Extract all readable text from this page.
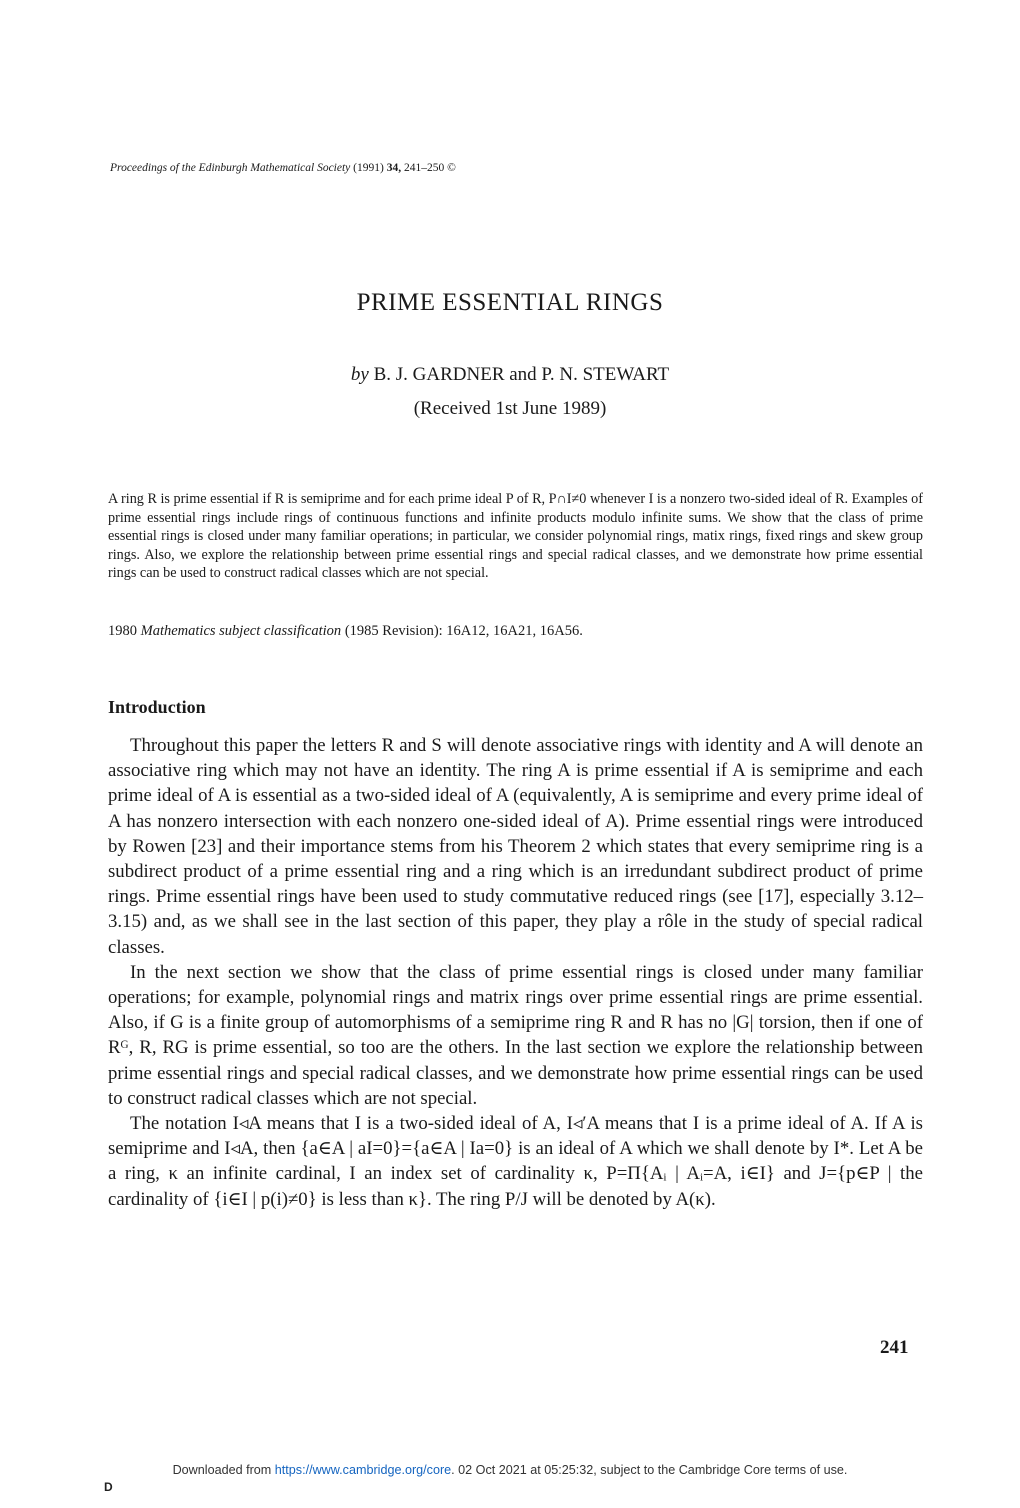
Proceedings of the Edinburgh Mathematical Society (1991) 34, 241–250 ©
PRIME ESSENTIAL RINGS
by B. J. GARDNER and P. N. STEWART
(Received 1st June 1989)
A ring R is prime essential if R is semiprime and for each prime ideal P of R, P∩I≠0 whenever I is a nonzero two-sided ideal of R. Examples of prime essential rings include rings of continuous functions and infinite products modulo infinite sums. We show that the class of prime essential rings is closed under many familiar operations; in particular, we consider polynomial rings, matix rings, fixed rings and skew group rings. Also, we explore the relationship between prime essential rings and special radical classes, and we demonstrate how prime essential rings can be used to construct radical classes which are not special.
1980 Mathematics subject classification (1985 Revision): 16A12, 16A21, 16A56.
Introduction

Throughout this paper the letters R and S will denote associative rings with identity and A will denote an associative ring which may not have an identity. The ring A is prime essential if A is semiprime and each prime ideal of A is essential as a two-sided ideal of A (equivalently, A is semiprime and every prime ideal of A has nonzero intersection with each nonzero one-sided ideal of A). Prime essential rings were introduced by Rowen [23] and their importance stems from his Theorem 2 which states that every semiprime ring is a subdirect product of a prime essential ring and a ring which is an irredundant subdirect product of prime rings. Prime essential rings have been used to study commutative reduced rings (see [17], especially 3.12–3.15) and, as we shall see in the last section of this paper, they play a rôle in the study of special radical classes.

In the next section we show that the class of prime essential rings is closed under many familiar operations; for example, polynomial rings and matrix rings over prime essential rings are prime essential. Also, if G is a finite group of automorphisms of a semiprime ring R and R has no |G| torsion, then if one of Rᴳ, R, RG is prime essential, so too are the others. In the last section we explore the relationship between prime essential rings and special radical classes, and we demonstrate how prime essential rings can be used to construct radical classes which are not special.

The notation I◃A means that I is a two-sided ideal of A, I◃′A means that I is a prime ideal of A. If A is semiprime and I◃A, then {a∈A | aI=0}={a∈A | Ia=0} is an ideal of A which we shall denote by I*. Let A be a ring, κ an infinite cardinal, I an index set of cardinality κ, P=Π{Aᵢ | Aᵢ=A, i∈I} and J={p∈P | the cardinality of {i∈I | p(i)≠0} is less than κ}. The ring P/J will be denoted by A(κ).

241
Downloaded from https://www.cambridge.org/core. 02 Oct 2021 at 05:25:32, subject to the Cambridge Core terms of use.
D
